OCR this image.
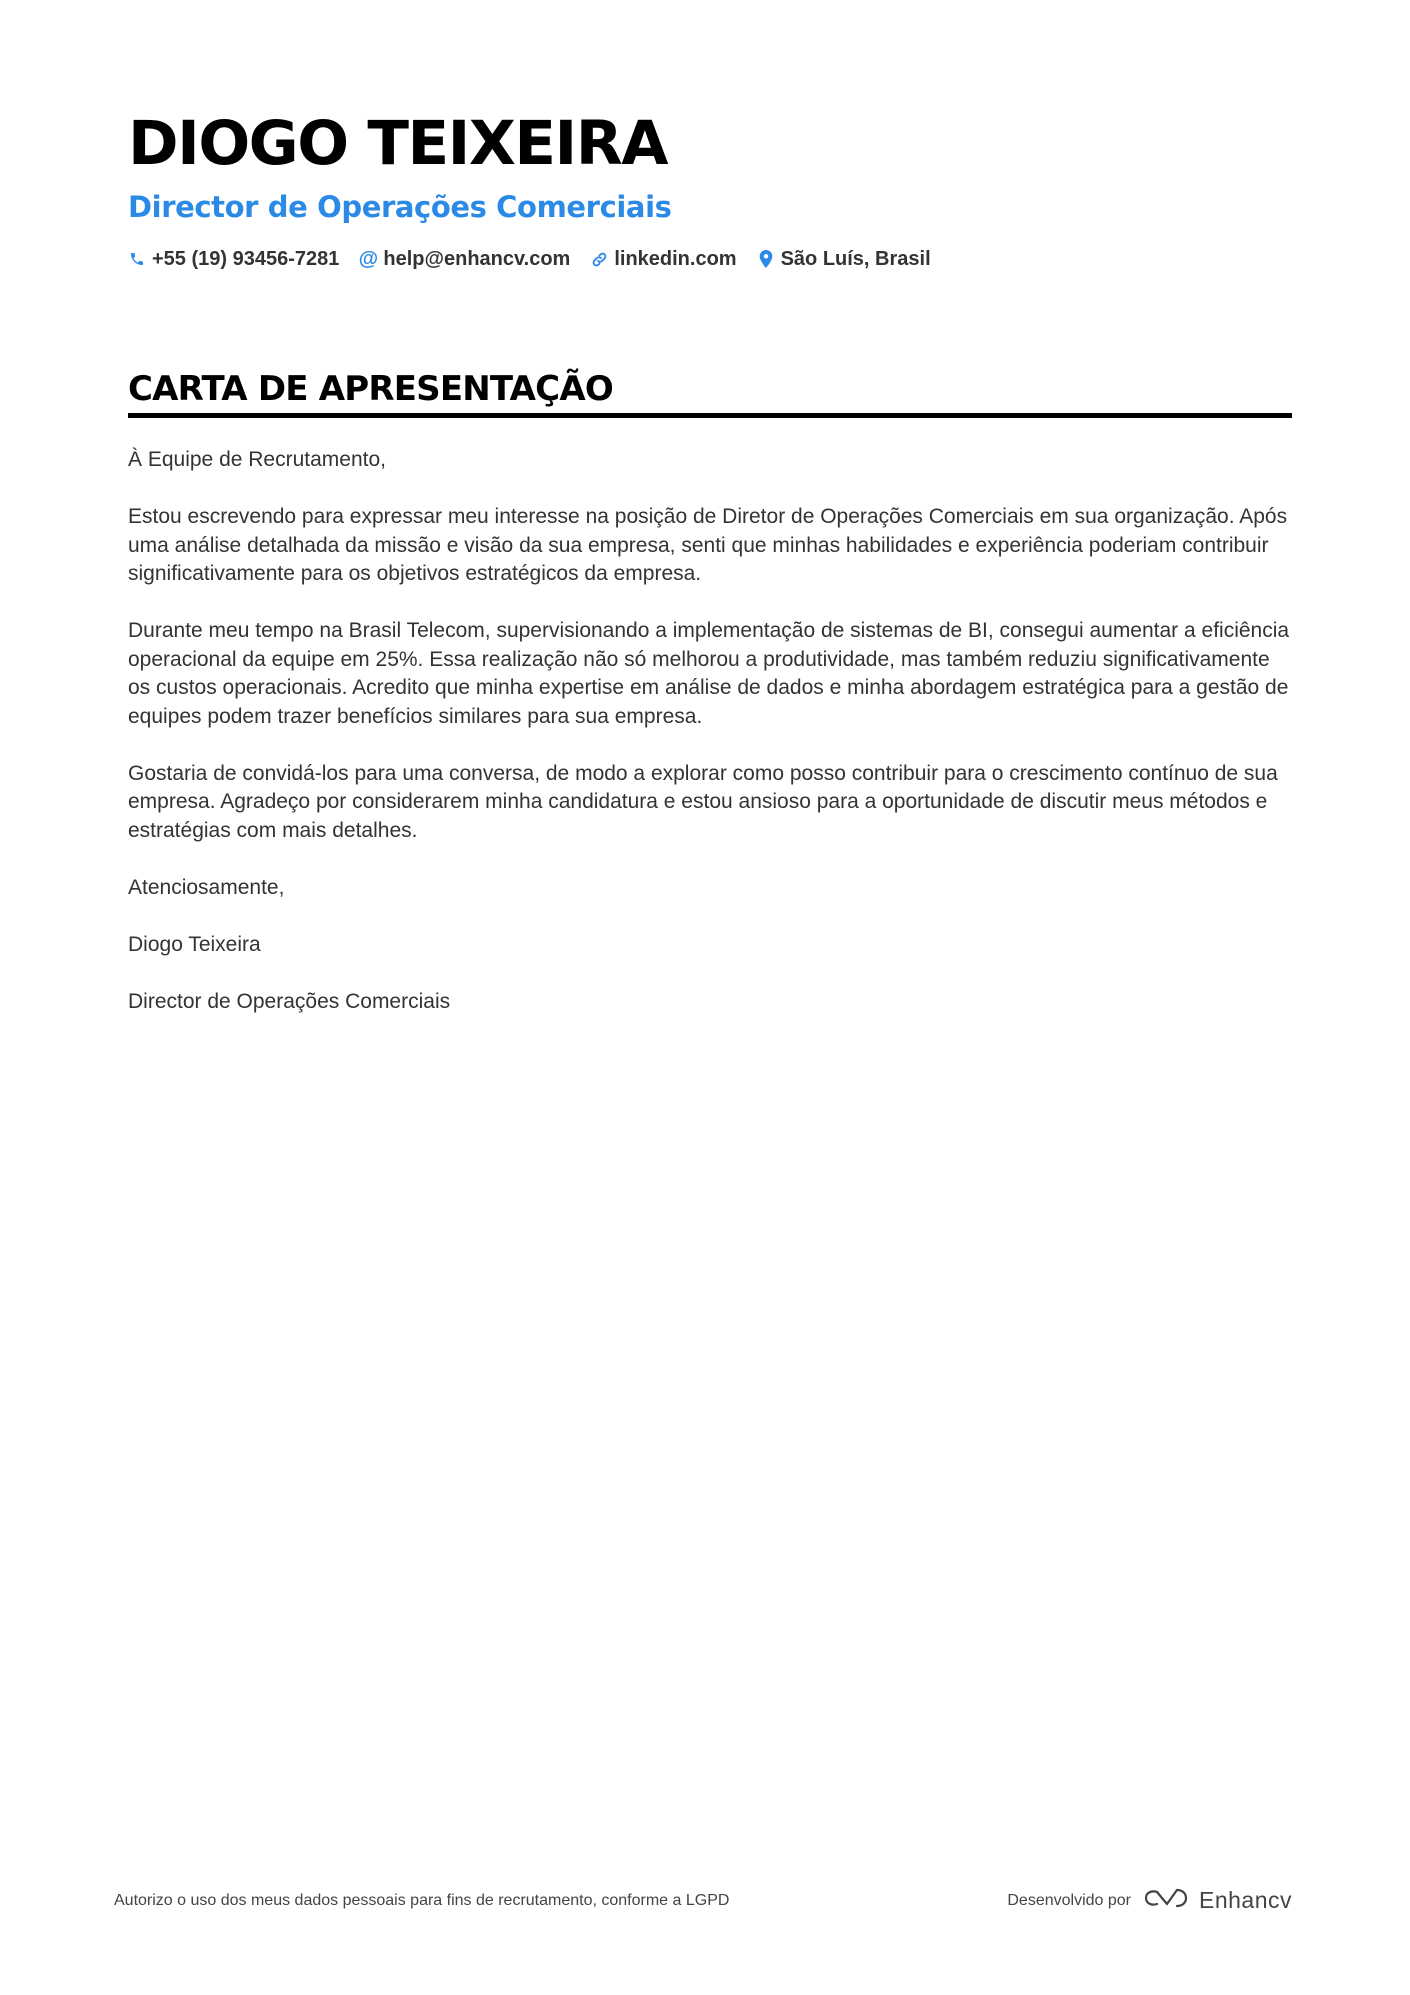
DIOGO TEIXEIRA
Director de Operações Comerciais
+55 (19) 93456-7281 @ help@enhancv.com linkedin.com São Luís, Brasil
CARTA DE APRESENTAÇÃO

À Equipe de Recrutamento,

Estou escrevendo para expressar meu interesse na posição de Diretor de Operações Comerciais em sua organização. Após uma análise detalhada da missão e visão da sua empresa, senti que minhas habilidades e experiência poderiam contribuir significativamente para os objetivos estratégicos da empresa.

Durante meu tempo na Brasil Telecom, supervisionando a implementação de sistemas de BI, consegui aumentar a eficiência operacional da equipe em 25%. Essa realização não só melhorou a produtividade, mas também reduziu significativamente os custos operacionais. Acredito que minha expertise em análise de dados e minha abordagem estratégica para a gestão de equipes podem trazer benefícios similares para sua empresa.

Gostaria de convidá-los para uma conversa, de modo a explorar como posso contribuir para o crescimento contínuo de sua empresa. Agradeço por considerarem minha candidatura e estou ansioso para a oportunidade de discutir meus métodos e estratégias com mais detalhes.

Atenciosamente,

Diogo Teixeira

Director de Operações Comerciais

Autorizo o uso dos meus dados pessoais para fins de recrutamento, conforme a LGPD	Desenvolvido por	Enhancv
